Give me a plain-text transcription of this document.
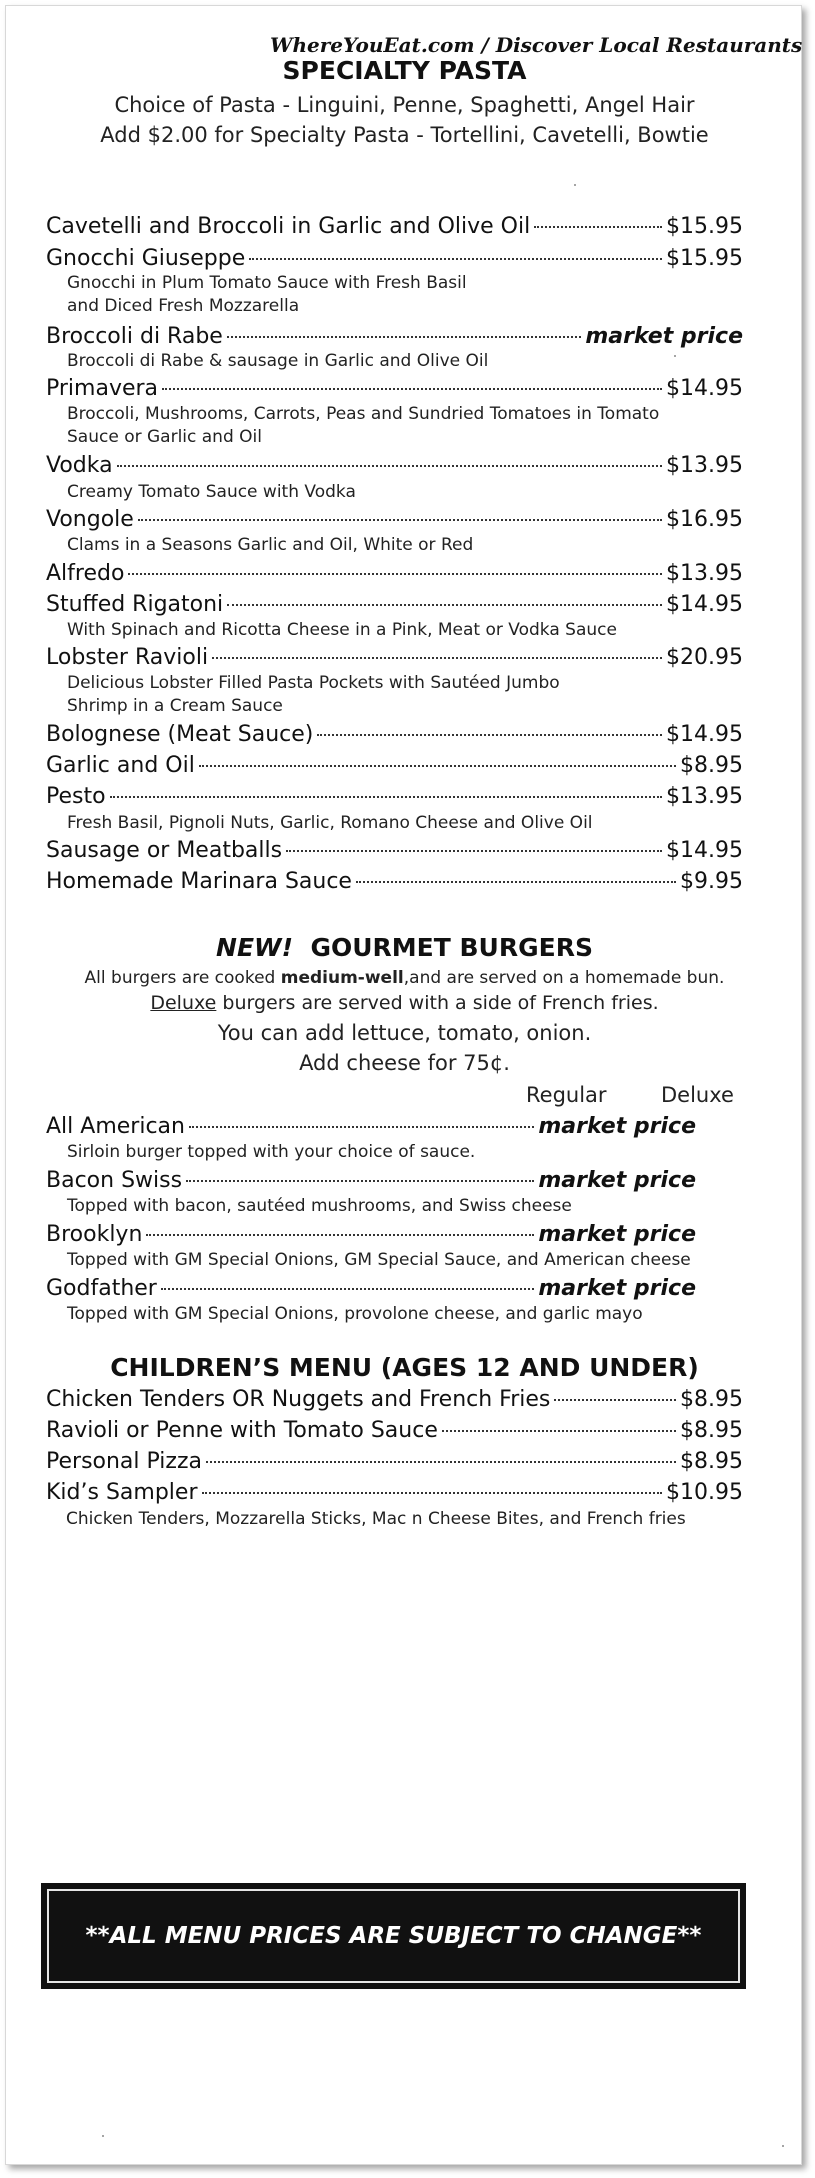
WhereYouEat.com / Discover Local Restaurants
SPECIALTY PASTA
Choice of Pasta - Linguini, Penne, Spaghetti, Angel Hair
Add $2.00 for Specialty Pasta - Tortellini, Cavetelli, Bowtie
Cavetelli and Broccoli in Garlic and Olive Oil	$15.95
Gnocchi Giuseppe	$15.95
Gnocchi in Plum Tomato Sauce with Fresh Basil
and Diced Fresh Mozzarella
Broccoli di Rabe	market price
Broccoli di Rabe & sausage in Garlic and Olive Oil
Primavera	$14.95
Broccoli, Mushrooms, Carrots, Peas and Sundried Tomatoes in Tomato
Sauce or Garlic and Oil
Vodka	$13.95
Creamy Tomato Sauce with Vodka
Vongole	$16.95
Clams in a Seasons Garlic and Oil, White or Red
Alfredo	$13.95
Stuffed Rigatoni	$14.95
With Spinach and Ricotta Cheese in a Pink, Meat or Vodka Sauce
Lobster Ravioli	$20.95
Delicious Lobster Filled Pasta Pockets with Sautéed Jumbo
Shrimp in a Cream Sauce
Bolognese (Meat Sauce)	$14.95
Garlic and Oil	$8.95
Pesto	$13.95
Fresh Basil, Pignoli Nuts, Garlic, Romano Cheese and Olive Oil
Sausage or Meatballs	$14.95
Homemade Marinara Sauce	$9.95
NEW! GOURMET BURGERS
All burgers are cooked medium-well,and are served on a homemade bun.
Deluxe burgers are served with a side of French fries.
You can add lettuce, tomato, onion.
Add cheese for 75¢.
Regular	Deluxe
All American	market price
Sirloin burger topped with your choice of sauce.
Bacon Swiss	market price
Topped with bacon, sautéed mushrooms, and Swiss cheese
Brooklyn	market price
Topped with GM Special Onions, GM Special Sauce, and American cheese
Godfather	market price
Topped with GM Special Onions, provolone cheese, and garlic mayo
CHILDREN’S MENU (AGES 12 AND UNDER)
Chicken Tenders OR Nuggets and French Fries	$8.95
Ravioli or Penne with Tomato Sauce	$8.95
Personal Pizza	$8.95
Kid’s Sampler	$10.95
Chicken Tenders, Mozzarella Sticks, Mac n Cheese Bites, and French fries
**ALL MENU PRICES ARE SUBJECT TO CHANGE**
